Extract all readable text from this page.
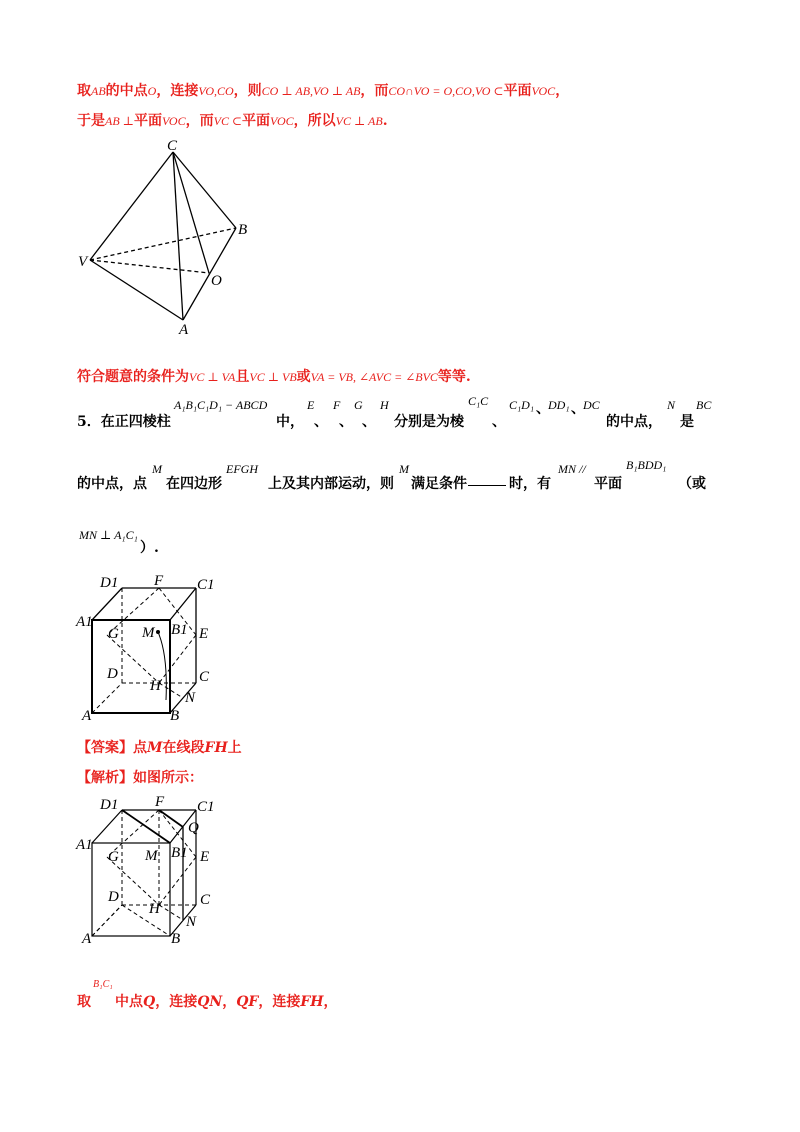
取AB的中点O，连接VO,CO，则CO ⊥ AB,VO ⊥ AB，而CO∩VO = O,CO,VO ⊂平面VOC，
于是AB ⊥平面VOC，而VC ⊂平面VOC，所以VC ⊥ AB.
C
B
V
O
A
符合题意的条件为VC ⊥ VA且VC ⊥ VB或VA = VB, ∠AVC = ∠BVC等等.
5．在正四棱柱
A₁B₁C₁D₁ − ABCD
中，
E
、
F
、
G
、
H
分别是为棱
C₁C
、
C₁D₁ 、
DD₁ 、
DC
的中点，
N
是
BC
的中点，点
M
在四边形
EFGH
上及其内部运动，则
M
满足条件	时，有
MN //
平面
B₁BDD₁
（或
MN ⊥ A₁C₁
）.
D1 F C1
A1
G M B1 E
D	C
H
N
A	B
【答案】点M在线段FH上
【解析】如图所示：
D1 F C1
A1
G M B1
Q
E
D	C
H
N
A	B
取
B₁C₁
中点Q，连接QN，QF，连接FH，
